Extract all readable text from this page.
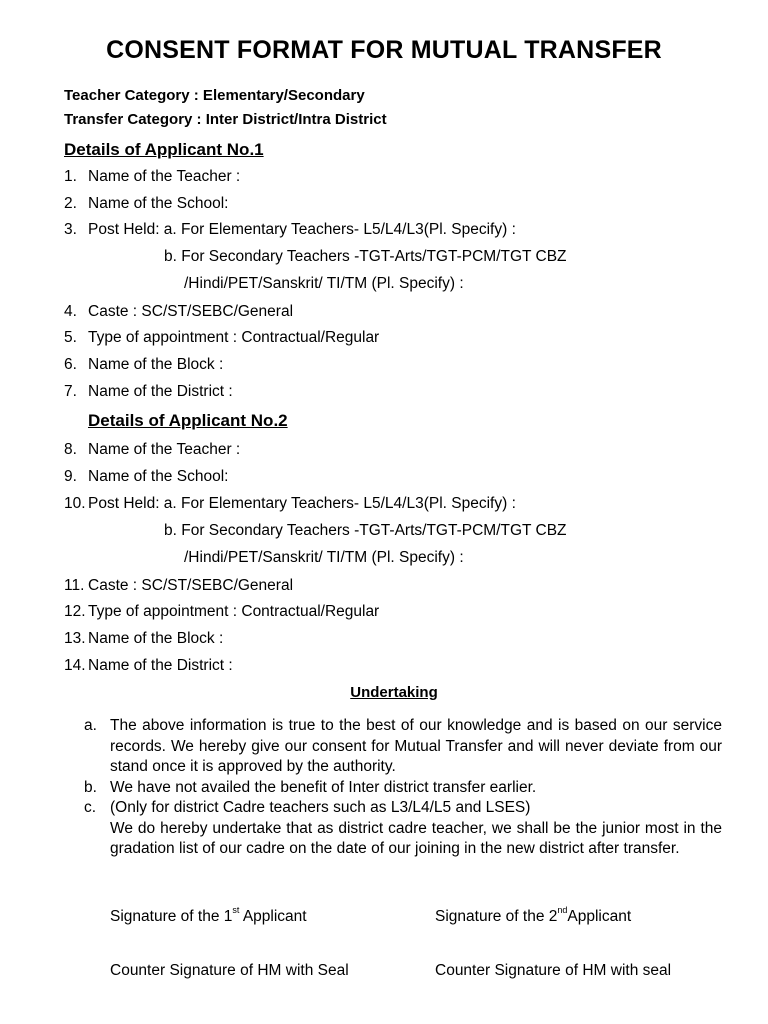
CONSENT FORMAT FOR MUTUAL TRANSFER
Teacher Category : Elementary/Secondary
Transfer Category : Inter District/Intra District
Details of Applicant No.1
1. Name of the Teacher :
2. Name of the School:
3. Post Held: a. For Elementary Teachers- L5/L4/L3(Pl. Specify) :
b. For Secondary Teachers -TGT-Arts/TGT-PCM/TGT CBZ
/Hindi/PET/Sanskrit/ TI/TM (Pl. Specify) :
4. Caste : SC/ST/SEBC/General
5. Type of appointment : Contractual/Regular
6. Name of the Block :
7. Name of the District :
Details of Applicant No.2
8. Name of the Teacher :
9. Name of the School:
10. Post Held: a. For Elementary Teachers- L5/L4/L3(Pl. Specify) :
b. For Secondary Teachers -TGT-Arts/TGT-PCM/TGT CBZ
/Hindi/PET/Sanskrit/ TI/TM (Pl. Specify) :
11. Caste : SC/ST/SEBC/General
12. Type of appointment : Contractual/Regular
13. Name of the Block :
14. Name of the District :
Undertaking
a. The above information is true to the best of our knowledge and is based on our service records. We hereby give our consent for Mutual Transfer and will never deviate from our stand once it is approved by the authority.
b. We have not availed the benefit of Inter district transfer earlier.
c. (Only for district Cadre teachers such as L3/L4/L5 and LSES)
We do hereby undertake that as district cadre teacher, we shall be the junior most in the gradation list of our cadre on the date of our joining in the new district after transfer.
Signature of the 1st Applicant	Signature of the 2ndApplicant
Counter Signature of HM with Seal	Counter Signature of HM with seal
